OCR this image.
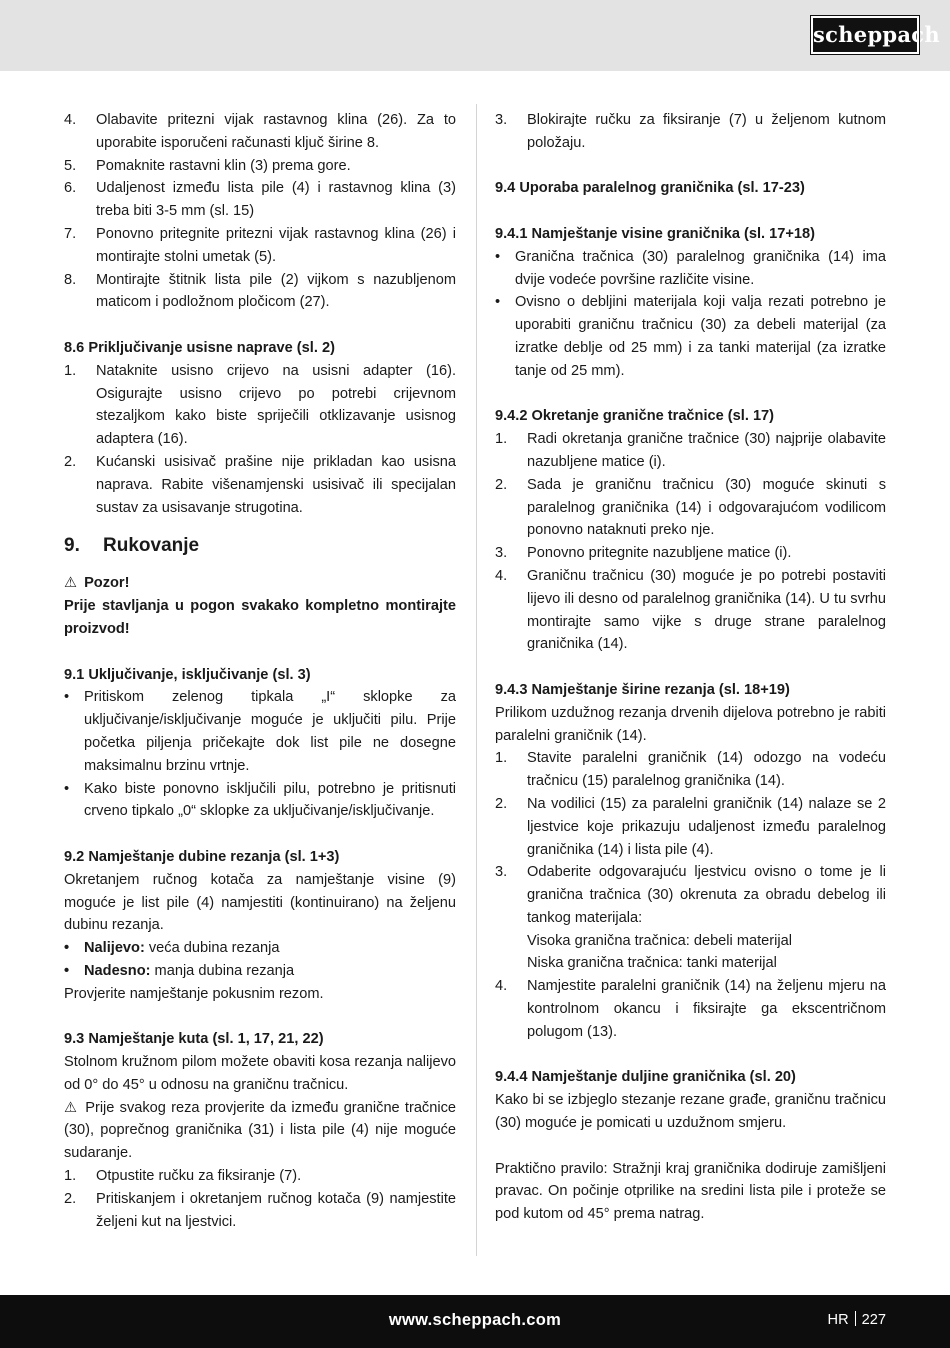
scheppach
4. Olabavite pritezni vijak rastavnog klina (26). Za to uporabite isporučeni računasti ključ širine 8.
5. Pomaknite rastavni klin (3) prema gore.
6. Udaljenost između lista pile (4) i rastavnog klina (3) treba biti 3-5 mm (sl. 15)
7. Ponovno pritegnite pritezni vijak rastavnog klina (26) i montirajte stolni umetak (5).
8. Montirajte štitnik lista pile (2) vijkom s nazubljenom maticom i podložnom pločicom (27).
8.6 Priključivanje usisne naprave (sl. 2)
1. Nataknite usisno crijevo na usisni adapter (16). Osigurajte usisno crijevo po potrebi crijevnom stezaljkom kako biste spriječili otklizavanje usisnog adaptera (16).
2. Kućanski usisivač prašine nije prikladan kao usisna naprava. Rabite višenamjenski usisivač ili specijalan sustav za usisavanje strugotina.
9. Rukovanje
⚠ Pozor!
Prije stavljanja u pogon svakako kompletno montirajte proizvod!
9.1 Uključivanje, isključivanje (sl. 3)
• Pritiskom zelenog tipkala „I“ sklopke za uključivanje/isključivanje moguće je uključiti pilu. Prije početka piljenja pričekajte dok list pile ne dosegne maksimalnu brzinu vrtnje.
• Kako biste ponovno isključili pilu, potrebno je pritisnuti crveno tipkalo „0“ sklopke za uključivanje/isključivanje.
9.2 Namještanje dubine rezanja (sl. 1+3)
Okretanjem ručnog kotača za namještanje visine (9) moguće je list pile (4) namjestiti (kontinuirano) na željenu dubinu rezanja.
• Nalijevo: veća dubina rezanja
• Nadesno: manja dubina rezanja
Provjerite namještanje pokusnim rezom.
9.3 Namještanje kuta (sl. 1, 17, 21, 22)
Stolnom kružnom pilom možete obaviti kosa rezanja nalijevo od 0° do 45° u odnosu na graničnu tračnicu.
⚠ Prije svakog reza provjerite da između granične tračnice (30), poprečnog graničnika (31) i lista pile (4) nije moguće sudaranje.
1. Otpustite ručku za fiksiranje (7).
2. Pritiskanjem i okretanjem ručnog kotača (9) namjestite željeni kut na ljestvici.
3. Blokirajte ručku za fiksiranje (7) u željenom kutnom položaju.
9.4 Uporaba paralelnog graničnika (sl. 17-23)
9.4.1 Namještanje visine graničnika (sl. 17+18)
• Granična tračnica (30) paralelnog graničnika (14) ima dvije vodeće površine različite visine.
• Ovisno o debljini materijala koji valja rezati potrebno je uporabiti graničnu tračnicu (30) za debeli materijal (za izratke deblje od 25 mm) i za tanki materijal (za izratke tanje od 25 mm).
9.4.2 Okretanje granične tračnice (sl. 17)
1. Radi okretanja granične tračnice (30) najprije olabavite nazubljene matice (i).
2. Sada je graničnu tračnicu (30) moguće skinuti s paralelnog graničnika (14) i odgovarajućom vodilicom ponovno nataknuti preko nje.
3. Ponovno pritegnite nazubljene matice (i).
4. Graničnu tračnicu (30) moguće je po potrebi postaviti lijevo ili desno od paralelnog graničnika (14). U tu svrhu montirajte samo vijke s druge strane paralelnog graničnika (14).
9.4.3 Namještanje širine rezanja (sl. 18+19)
Prilikom uzdužnog rezanja drvenih dijelova potrebno je rabiti paralelni graničnik (14).
1. Stavite paralelni graničnik (14) odozgo na vodeću tračnicu (15) paralelnog graničnika (14).
2. Na vodilici (15) za paralelni graničnik (14) nalaze se 2 ljestvice koje prikazuju udaljenost između paralelnog graničnika (14) i lista pile (4).
3. Odaberite odgovarajuću ljestvicu ovisno o tome je li granična tračnica (30) okrenuta za obradu debelog ili tankog materijala:
Visoka granična tračnica: debeli materijal
Niska granična tračnica: tanki materijal
4. Namjestite paralelni graničnik (14) na željenu mjeru na kontrolnom okancu i fiksirajte ga ekscentričnom polugom (13).
9.4.4 Namještanje duljine graničnika (sl. 20)
Kako bi se izbjeglo stezanje rezane građe, graničnu tračnicu (30) moguće je pomicati u uzdužnom smjeru.
Praktično pravilo: Stražnji kraj graničnika dodiruje zamišljeni pravac. On počinje otprilike na sredini lista pile i proteže se pod kutom od 45° prema natrag.
www.scheppach.com	HR 227
